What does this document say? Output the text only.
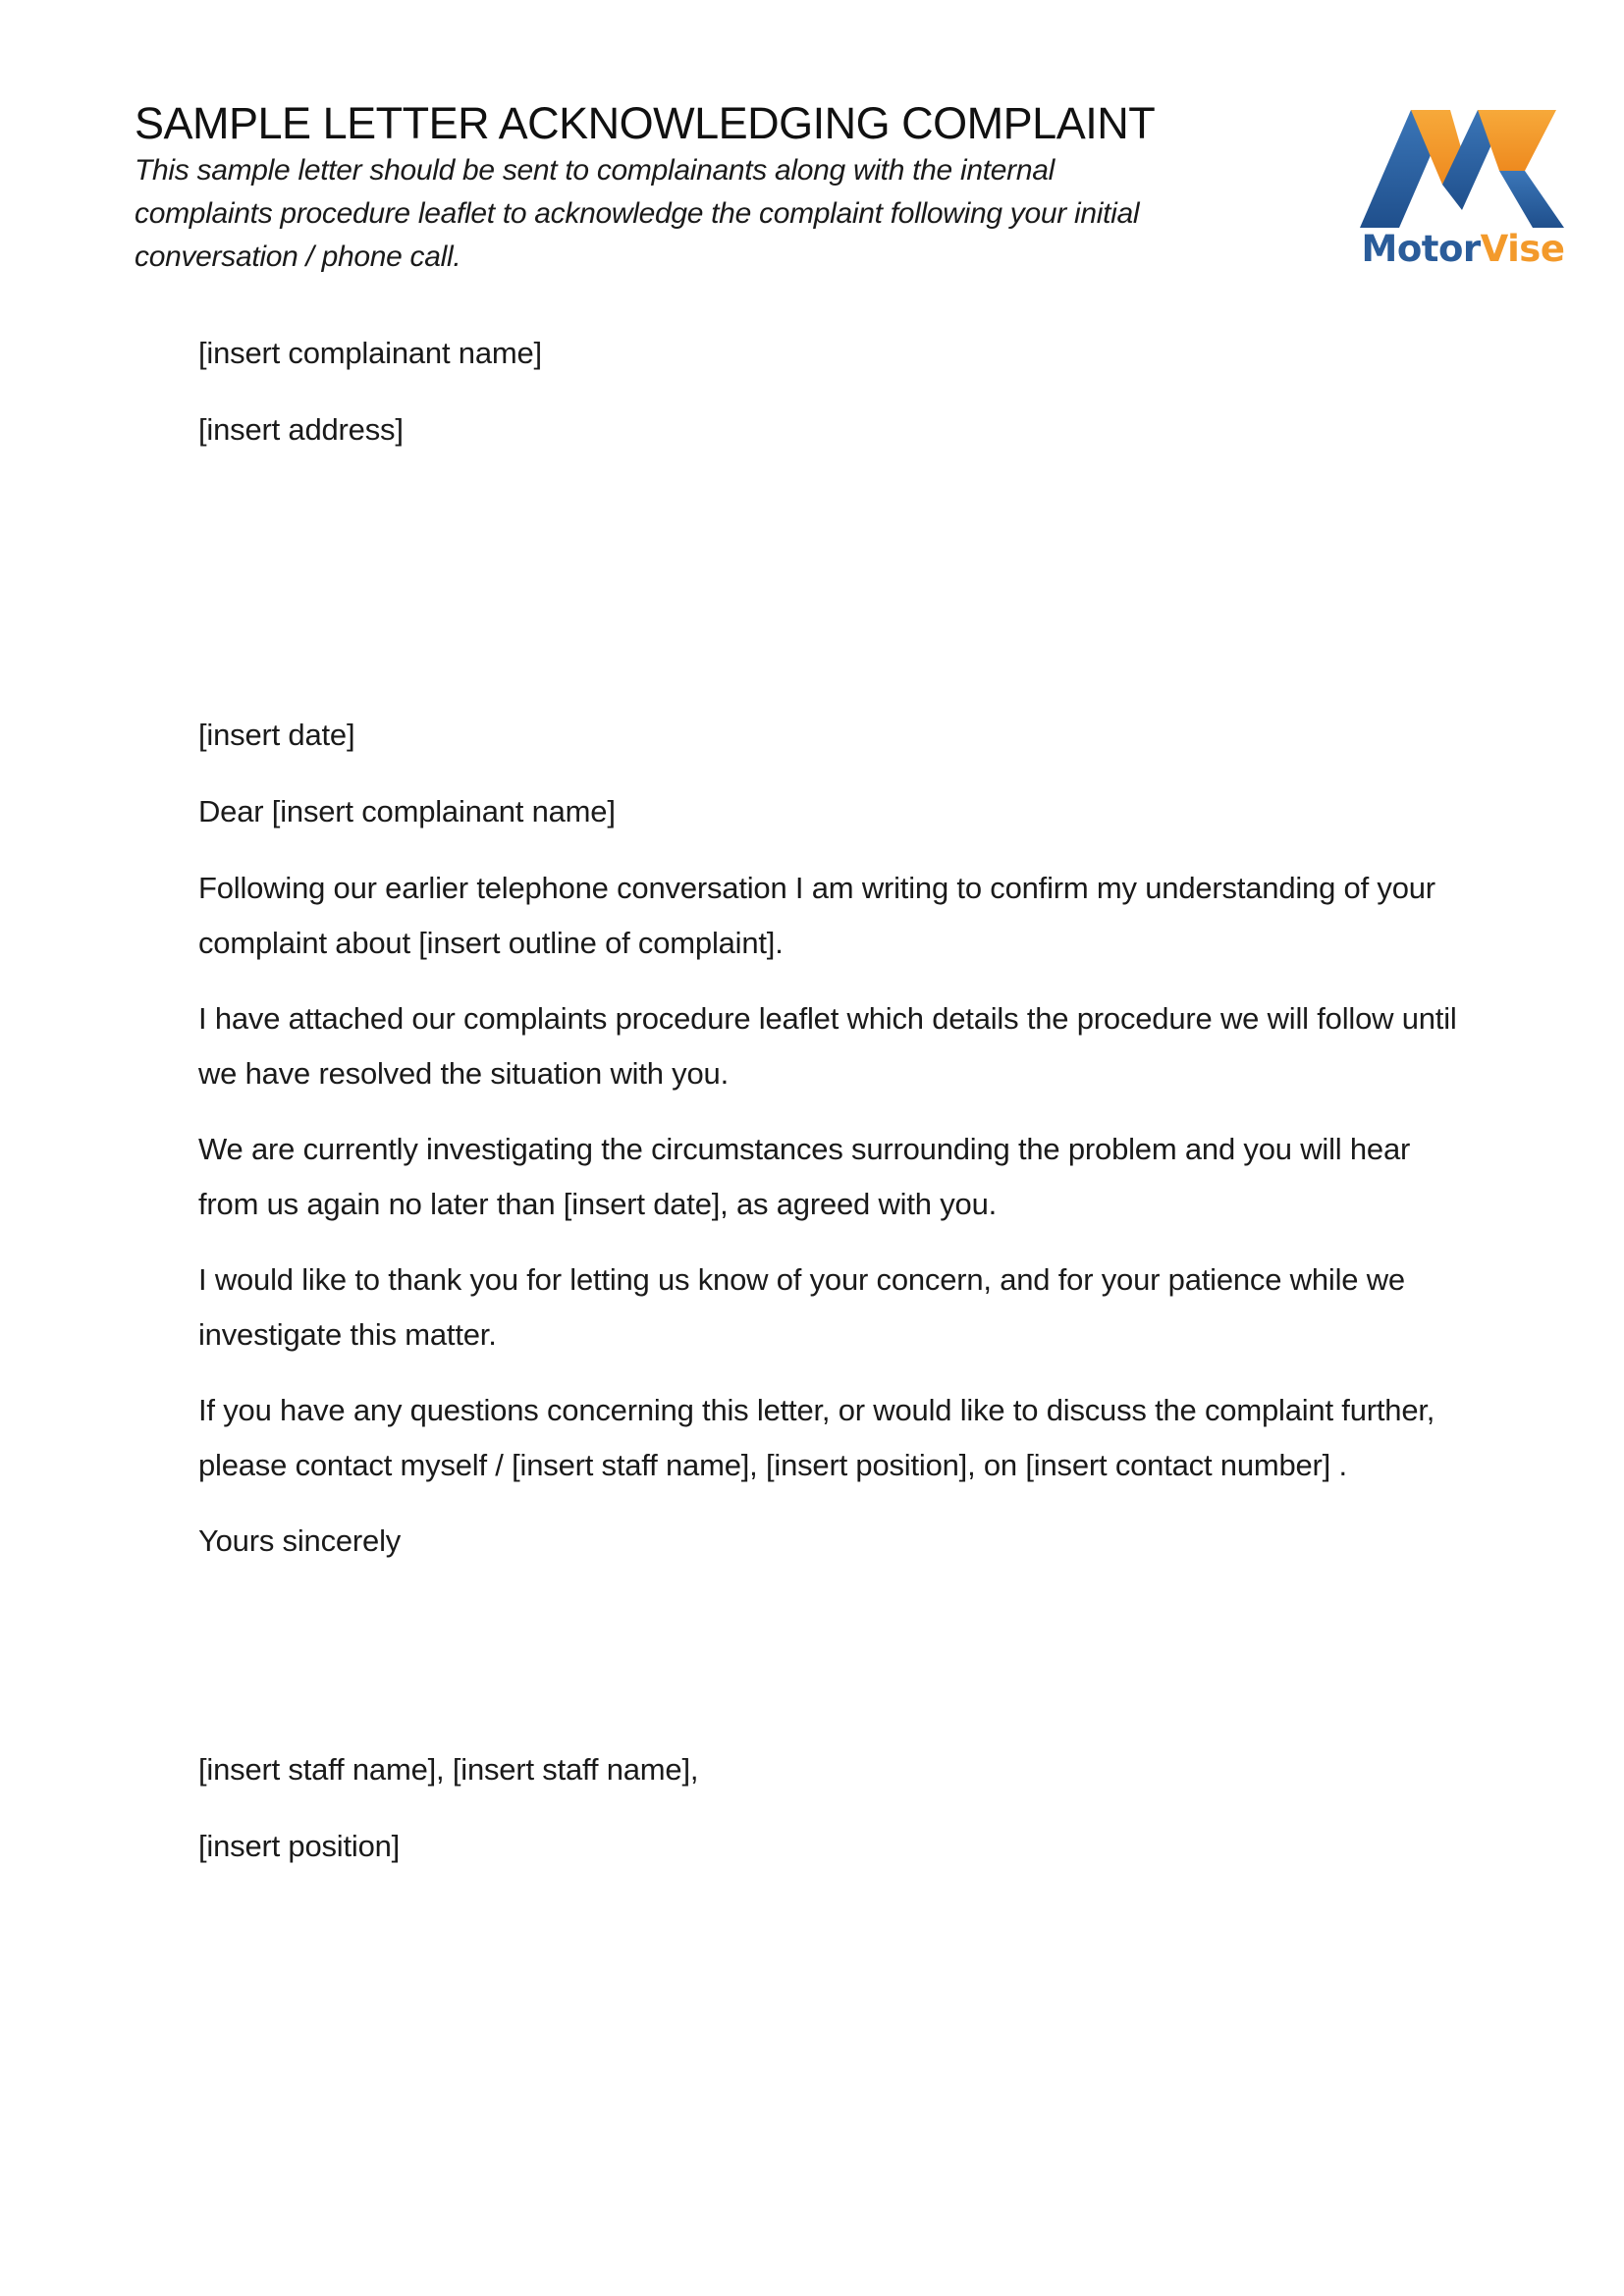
SAMPLE LETTER ACKNOWLEDGING COMPLAINT

This sample letter should be sent to complainants along with the internal complaints procedure leaflet to acknowledge the complaint following your initial conversation / phone call.	MotorVise

[insert complainant name]

[insert address]

[insert date]

Dear [insert complainant name]

Following our earlier telephone conversation I am writing to confirm my understanding of your complaint about [insert outline of complaint].

I have attached our complaints procedure leaflet which details the procedure we will follow until we have resolved the situation with you.

We are currently investigating the circumstances surrounding the problem and you will hear from us again no later than [insert date], as agreed with you.

I would like to thank you for letting us know of your concern, and for your patience while we investigate this matter.

If you have any questions concerning this letter, or would like to discuss the complaint further, please contact myself / [insert staff name], [insert position], on [insert contact number] .

Yours sincerely

[insert staff name], [insert staff name],

[insert position]
